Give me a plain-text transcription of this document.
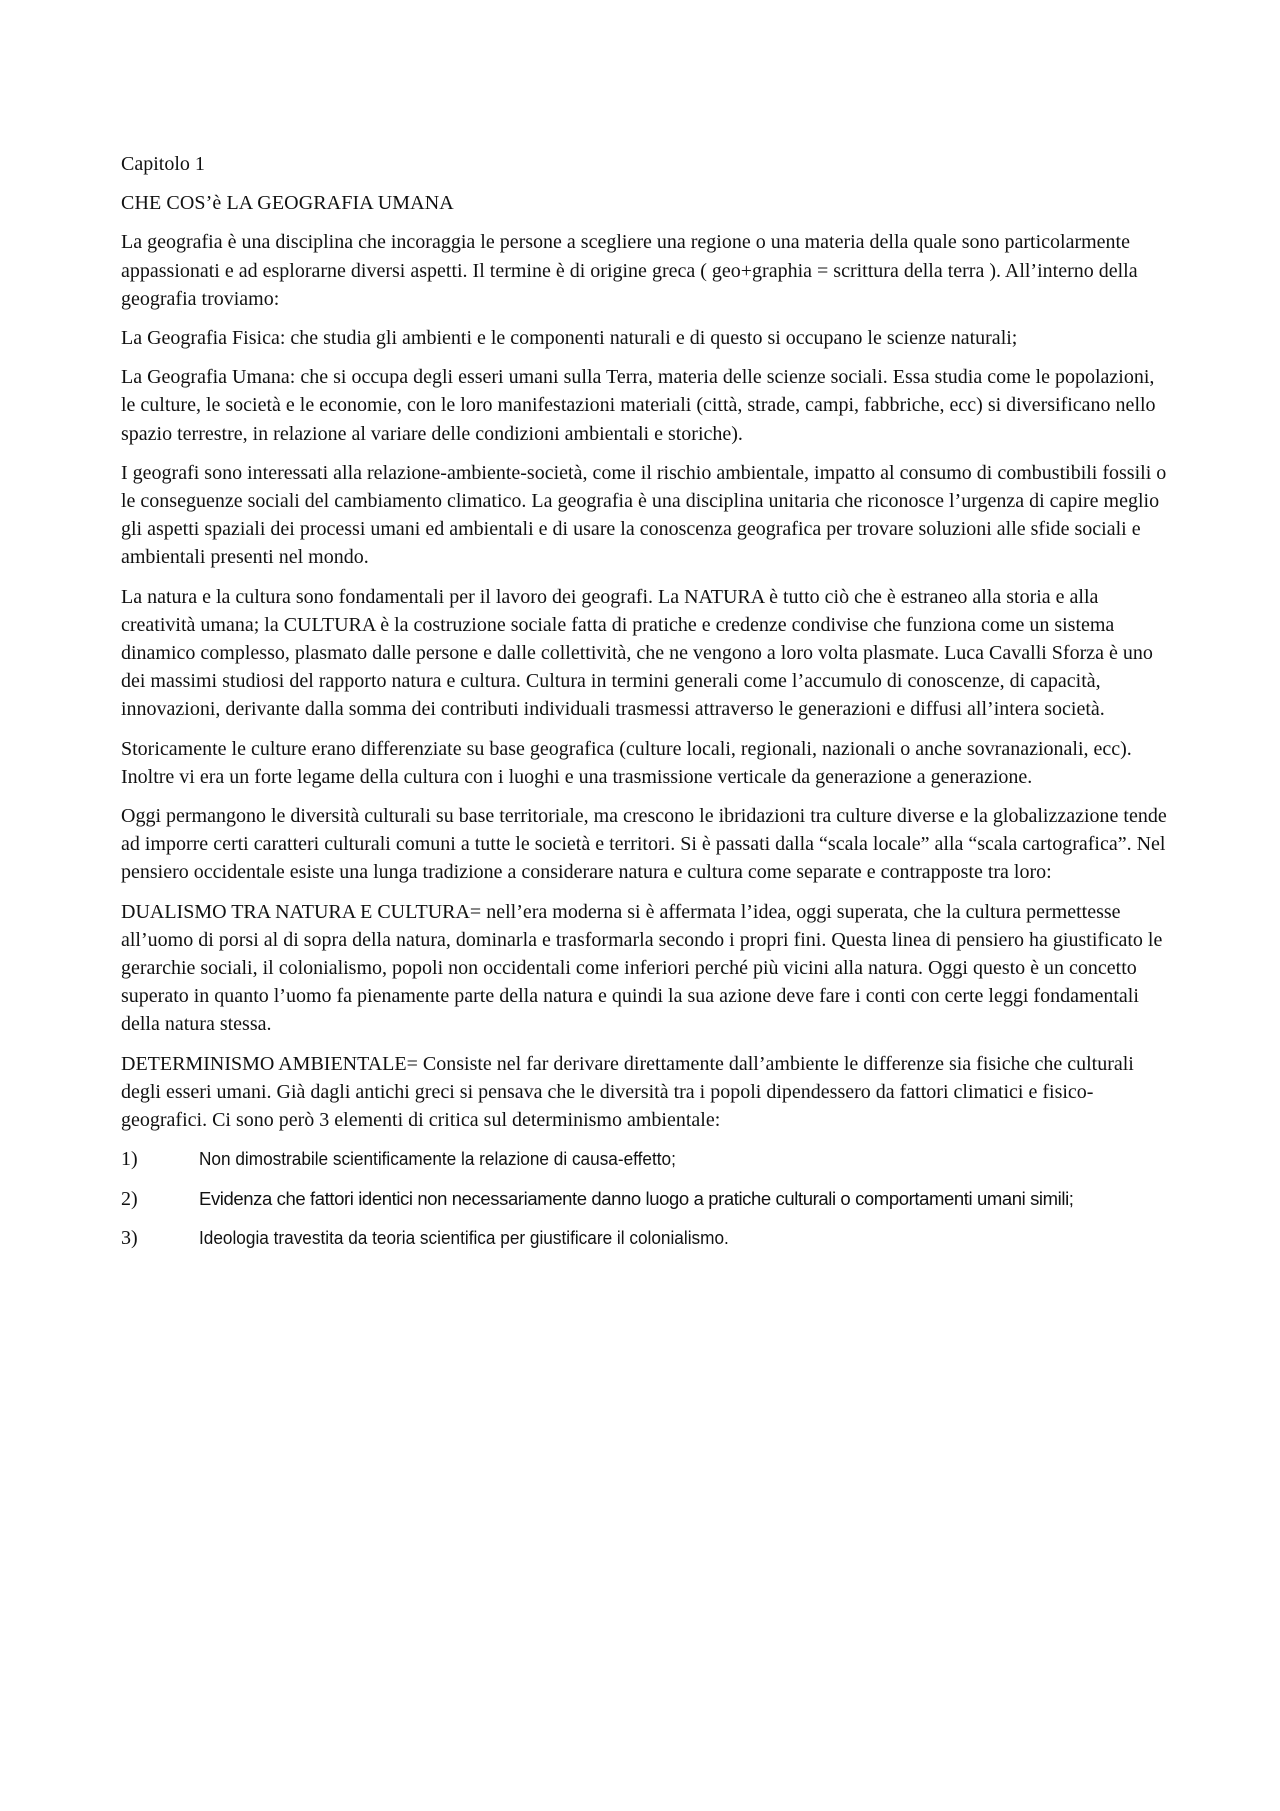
Capitolo 1

CHE COS’è LA GEOGRAFIA UMANA

La geografia è una disciplina che incoraggia le persone a scegliere una regione o una materia della quale sono particolarmente appassionati e ad esplorarne diversi aspetti. Il termine è di origine greca ( geo+graphia = scrittura della terra ). All’interno della geografia troviamo:

La Geografia Fisica: che studia gli ambienti e le componenti naturali e di questo si occupano le scienze naturali;

La Geografia Umana: che si occupa degli esseri umani sulla Terra, materia delle scienze sociali. Essa studia come le popolazioni, le culture, le società e le economie, con le loro manifestazioni materiali (città, strade, campi, fabbriche, ecc) si diversificano nello spazio terrestre, in relazione al variare delle condizioni ambientali e storiche).

I geografi sono interessati alla relazione-ambiente-società, come il rischio ambientale, impatto al consumo di combustibili fossili o le conseguenze sociali del cambiamento climatico. La geografia è una disciplina unitaria che riconosce l’urgenza di capire meglio gli aspetti spaziali dei processi umani ed ambientali e di usare la conoscenza geografica per trovare soluzioni alle sfide sociali e ambientali presenti nel mondo.

La natura e la cultura sono fondamentali per il lavoro dei geografi. La NATURA è tutto ciò che è estraneo alla storia e alla creatività umana; la CULTURA è la costruzione sociale fatta di pratiche e credenze condivise che funziona come un sistema dinamico complesso, plasmato dalle persone e dalle collettività, che ne vengono a loro volta plasmate. Luca Cavalli Sforza è uno dei massimi studiosi del rapporto natura e cultura. Cultura in termini generali come l’accumulo di conoscenze, di capacità, innovazioni, derivante dalla somma dei contributi individuali trasmessi attraverso le generazioni e diffusi all’intera società.

Storicamente le culture erano differenziate su base geografica (culture locali, regionali, nazionali o anche sovranazionali, ecc). Inoltre vi era un forte legame della cultura con i luoghi e una trasmissione verticale da generazione a generazione.

Oggi permangono le diversità culturali su base territoriale, ma crescono le ibridazioni tra culture diverse e la globalizzazione tende ad imporre certi caratteri culturali comuni a tutte le società e territori. Si è passati dalla “scala locale” alla “scala cartografica”. Nel pensiero occidentale esiste una lunga tradizione a considerare natura e cultura come separate e contrapposte tra loro:

DUALISMO TRA NATURA E CULTURA= nell’era moderna si è affermata l’idea, oggi superata, che la cultura permettesse all’uomo di porsi al di sopra della natura, dominarla e trasformarla secondo i propri fini. Questa linea di pensiero ha giustificato le gerarchie sociali, il colonialismo, popoli non occidentali come inferiori perché più vicini alla natura. Oggi questo è un concetto superato in quanto l’uomo fa pienamente parte della natura e quindi la sua azione deve fare i conti con certe leggi fondamentali della natura stessa.

DETERMINISMO AMBIENTALE= Consiste nel far derivare direttamente dall’ambiente le differenze sia fisiche che culturali degli esseri umani. Già dagli antichi greci si pensava che le diversità tra i popoli dipendessero da fattori climatici e fisico-geografici. Ci sono però 3 elementi di critica sul determinismo ambientale:

1)	Non dimostrabile scientificamente la relazione di causa-effetto;
2)	Evidenza che fattori identici non necessariamente danno luogo a pratiche culturali o comportamenti umani simili;
3)	Ideologia travestita da teoria scientifica per giustificare il colonialismo.
